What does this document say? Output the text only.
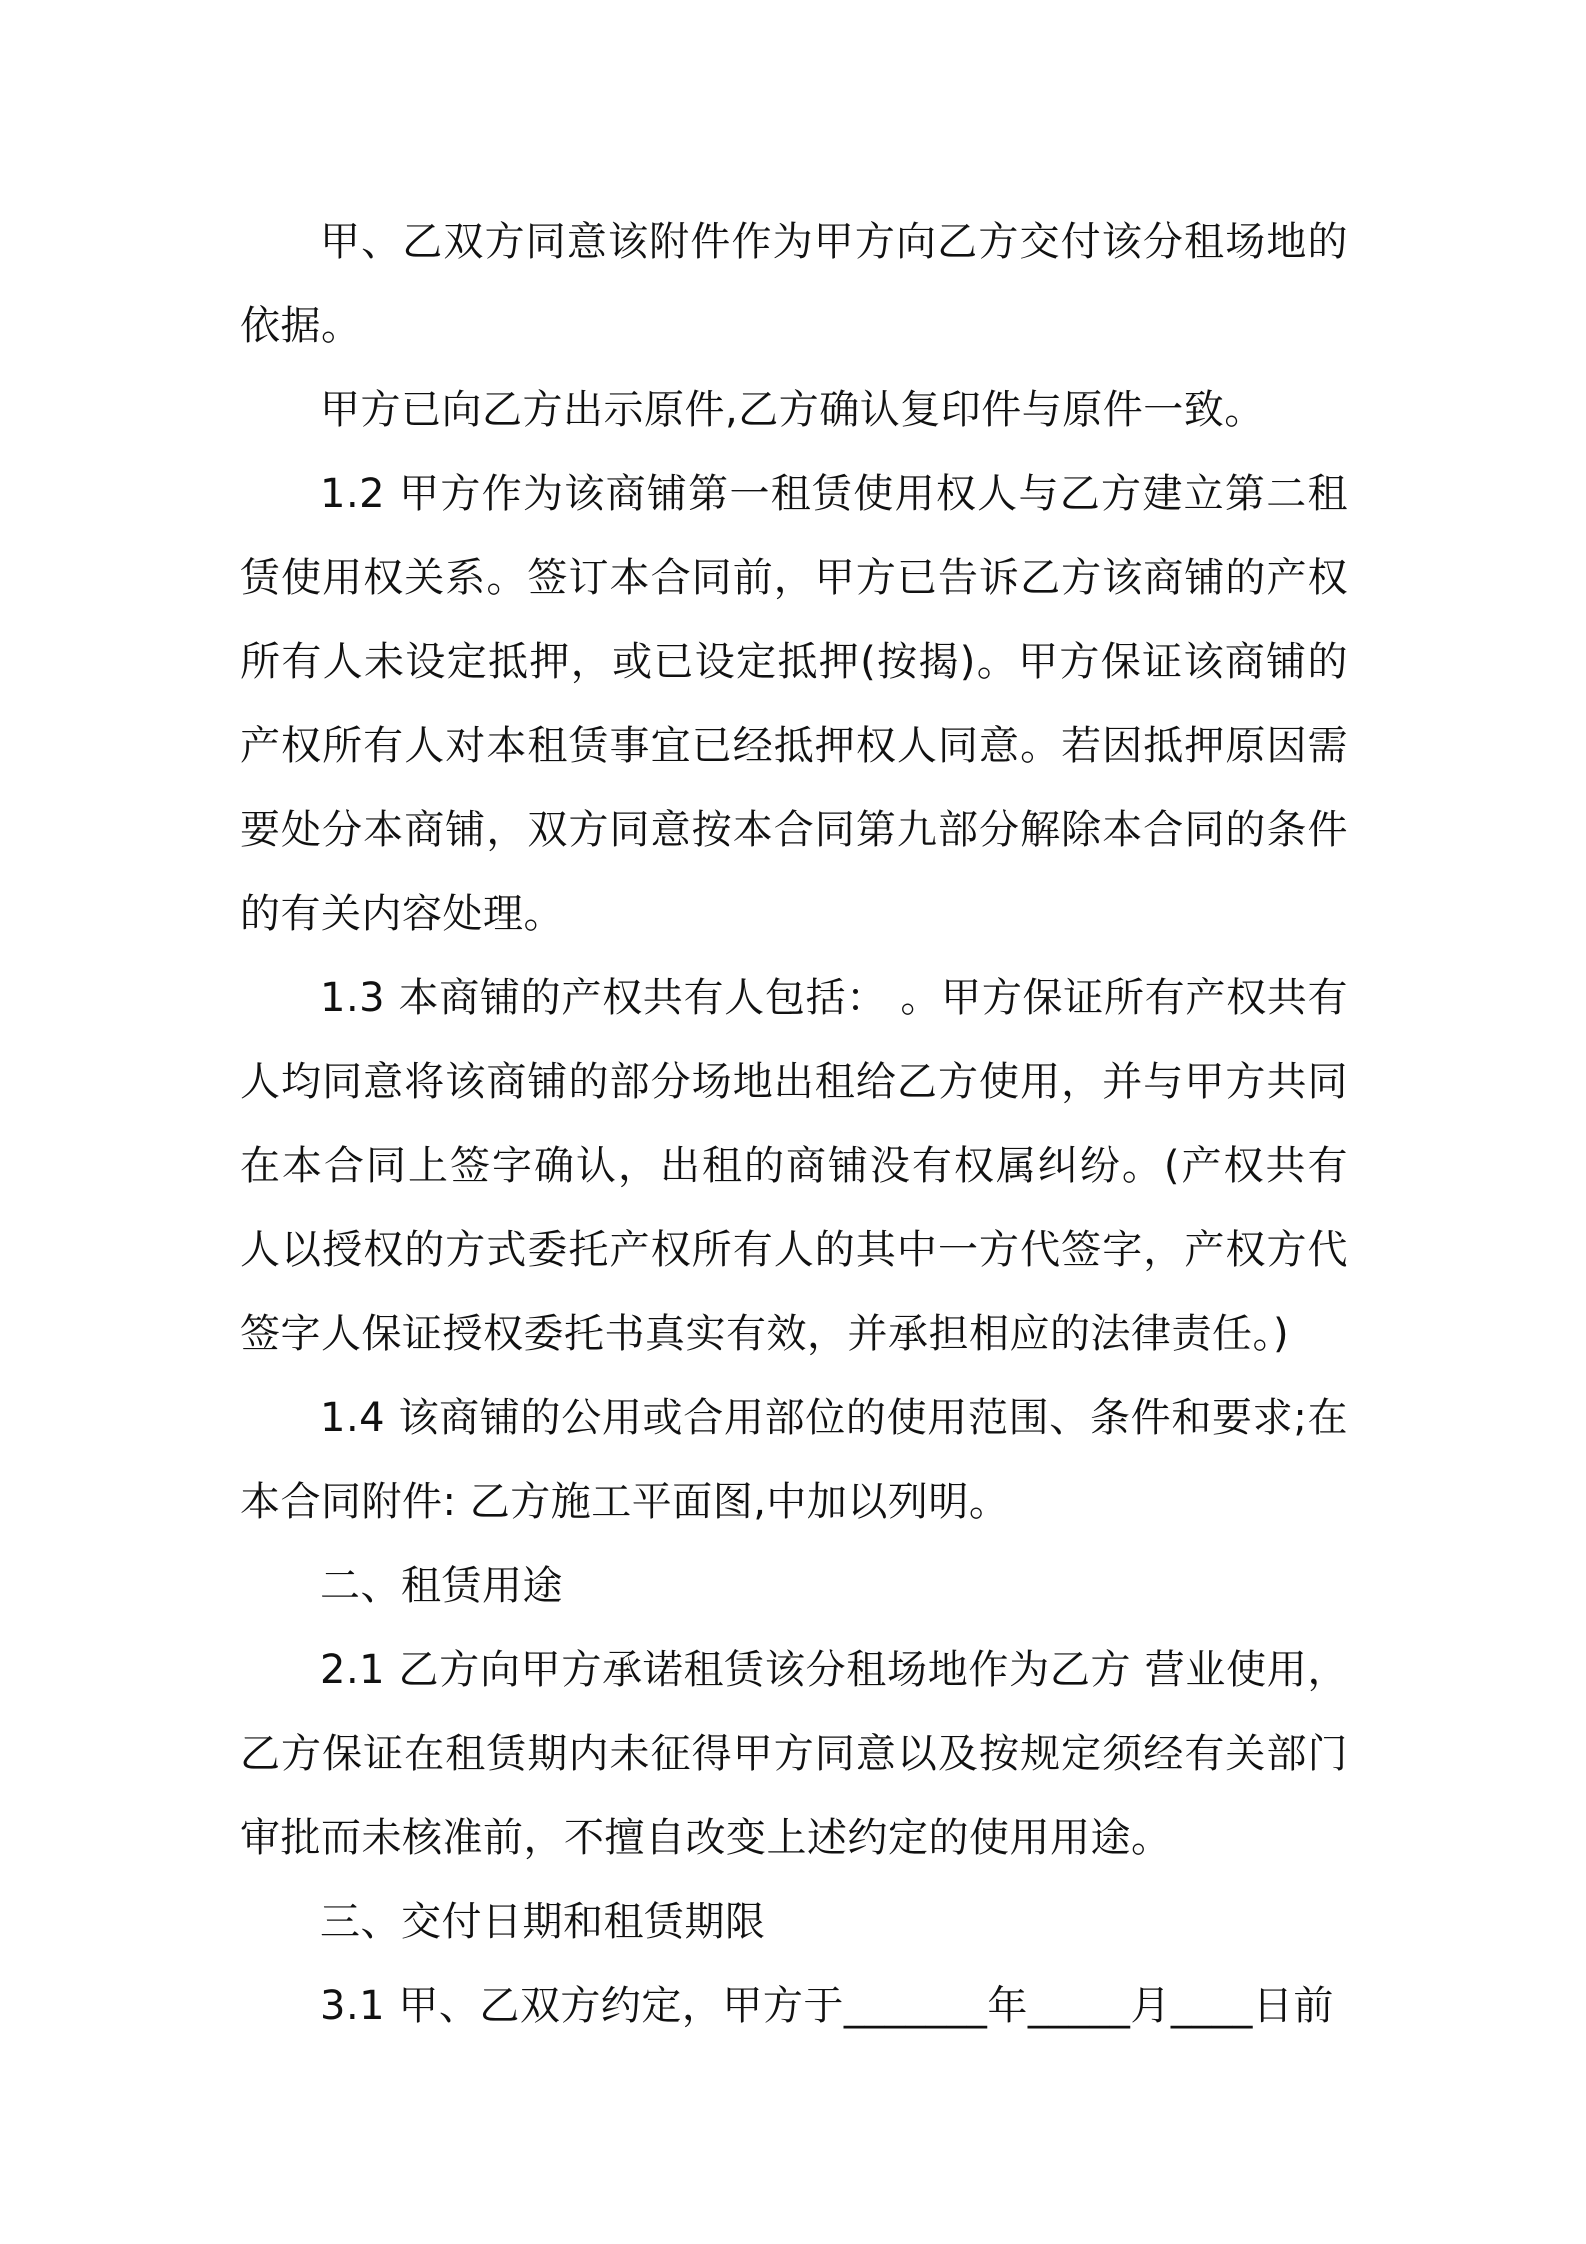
甲、乙双方同意该附件作为甲方向乙方交付该分租场地的依据。

甲方已向乙方出示原件,乙方确认复印件与原件一致。

1.2 甲方作为该商铺第一租赁使用权人与乙方建立第二租赁使用权关系。签订本合同前，甲方已告诉乙方该商铺的产权所有人未设定抵押，或已设定抵押(按揭)。甲方保证该商铺的产权所有人对本租赁事宜已经抵押权人同意。若因抵押原因需要处分本商铺，双方同意按本合同第九部分解除本合同的条件的有关内容处理。

1.3 本商铺的产权共有人包括： 。甲方保证所有产权共有人均同意将该商铺的部分场地出租给乙方使用，并与甲方共同在本合同上签字确认，出租的商铺没有权属纠纷。(产权共有人以授权的方式委托产权所有人的其中一方代签字，产权方代签字人保证授权委托书真实有效，并承担相应的法律责任。)

1.4 该商铺的公用或合用部位的使用范围、条件和要求;在本合同附件: 乙方施工平面图,中加以列明。

二、租赁用途

2.1 乙方向甲方承诺租赁该分租场地作为乙方 营业使用，乙方保证在租赁期内未征得甲方同意以及按规定须经有关部门审批而未核准前，不擅自改变上述约定的使用用途。

三、交付日期和租赁期限

3.1 甲、乙双方约定，甲方于_______年_____月____日前
